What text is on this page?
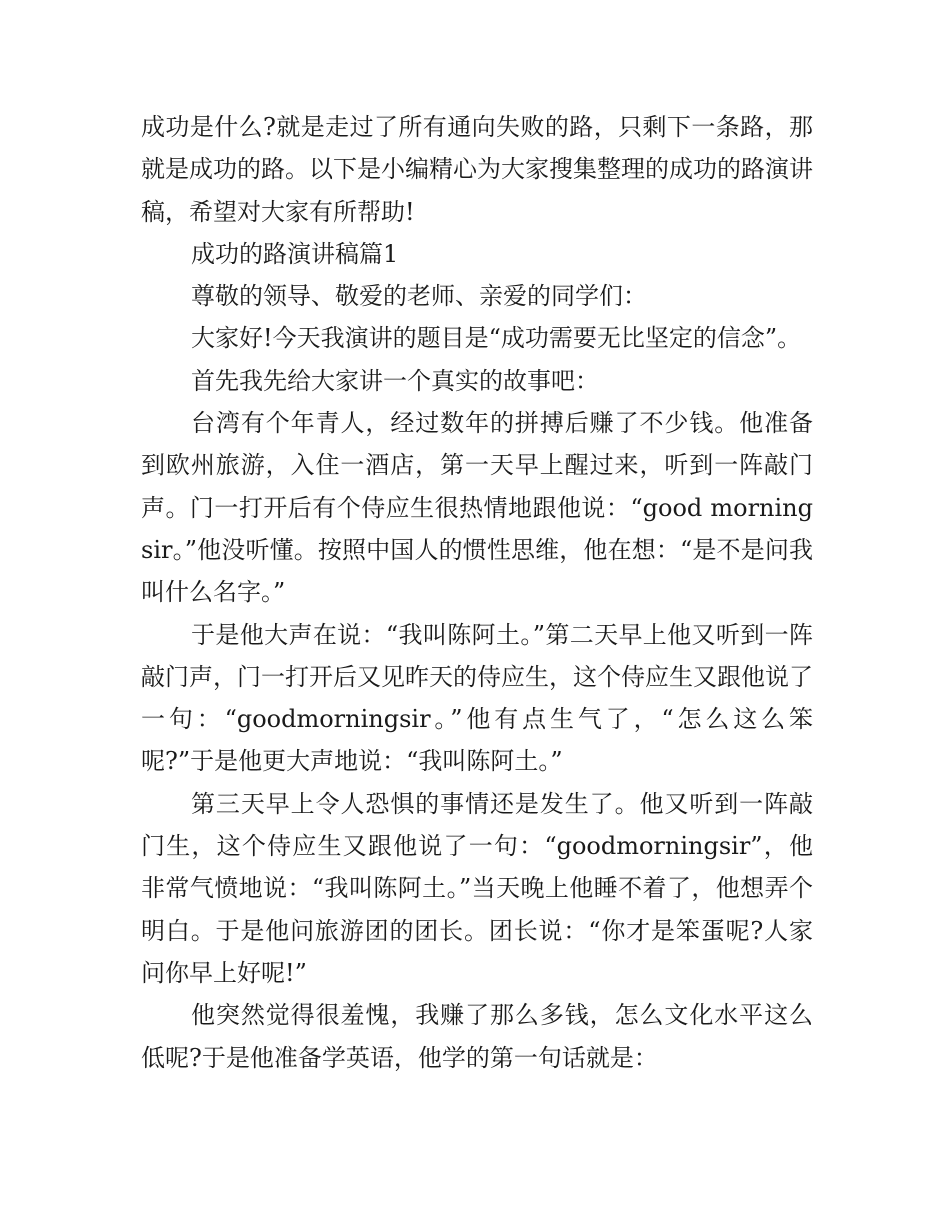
成功是什么?就是走过了所有通向失败的路，只剩下一条路，那就是成功的路。以下是小编精心为大家搜集整理的成功的路演讲稿，希望对大家有所帮助!

成功的路演讲稿篇1

尊敬的领导、敬爱的老师、亲爱的同学们：

大家好!今天我演讲的题目是“成功需要无比坚定的信念”。

首先我先给大家讲一个真实的故事吧：

台湾有个年青人，经过数年的拼搏后赚了不少钱。他准备到欧州旅游，入住一酒店，第一天早上醒过来，听到一阵敲门声。门一打开后有个侍应生很热情地跟他说：“good morning sir。”他没听懂。按照中国人的惯性思维，他在想：“是不是问我叫什么名字。”

于是他大声在说：“我叫陈阿土。”第二天早上他又听到一阵敲门声，门一打开后又见昨天的侍应生，这个侍应生又跟他说了一句：“goodmorningsir。”他有点生气了，“怎么这么笨呢?”于是他更大声地说：“我叫陈阿土。”

第三天早上令人恐惧的事情还是发生了。他又听到一阵敲门生，这个侍应生又跟他说了一句：“goodmorningsir”，他非常气愤地说：“我叫陈阿土。”当天晚上他睡不着了，他想弄个明白。于是他问旅游团的团长。团长说：“你才是笨蛋呢?人家问你早上好呢!”

他突然觉得很羞愧，我赚了那么多钱，怎么文化水平这么低呢?于是他准备学英语，他学的第一句话就是：
